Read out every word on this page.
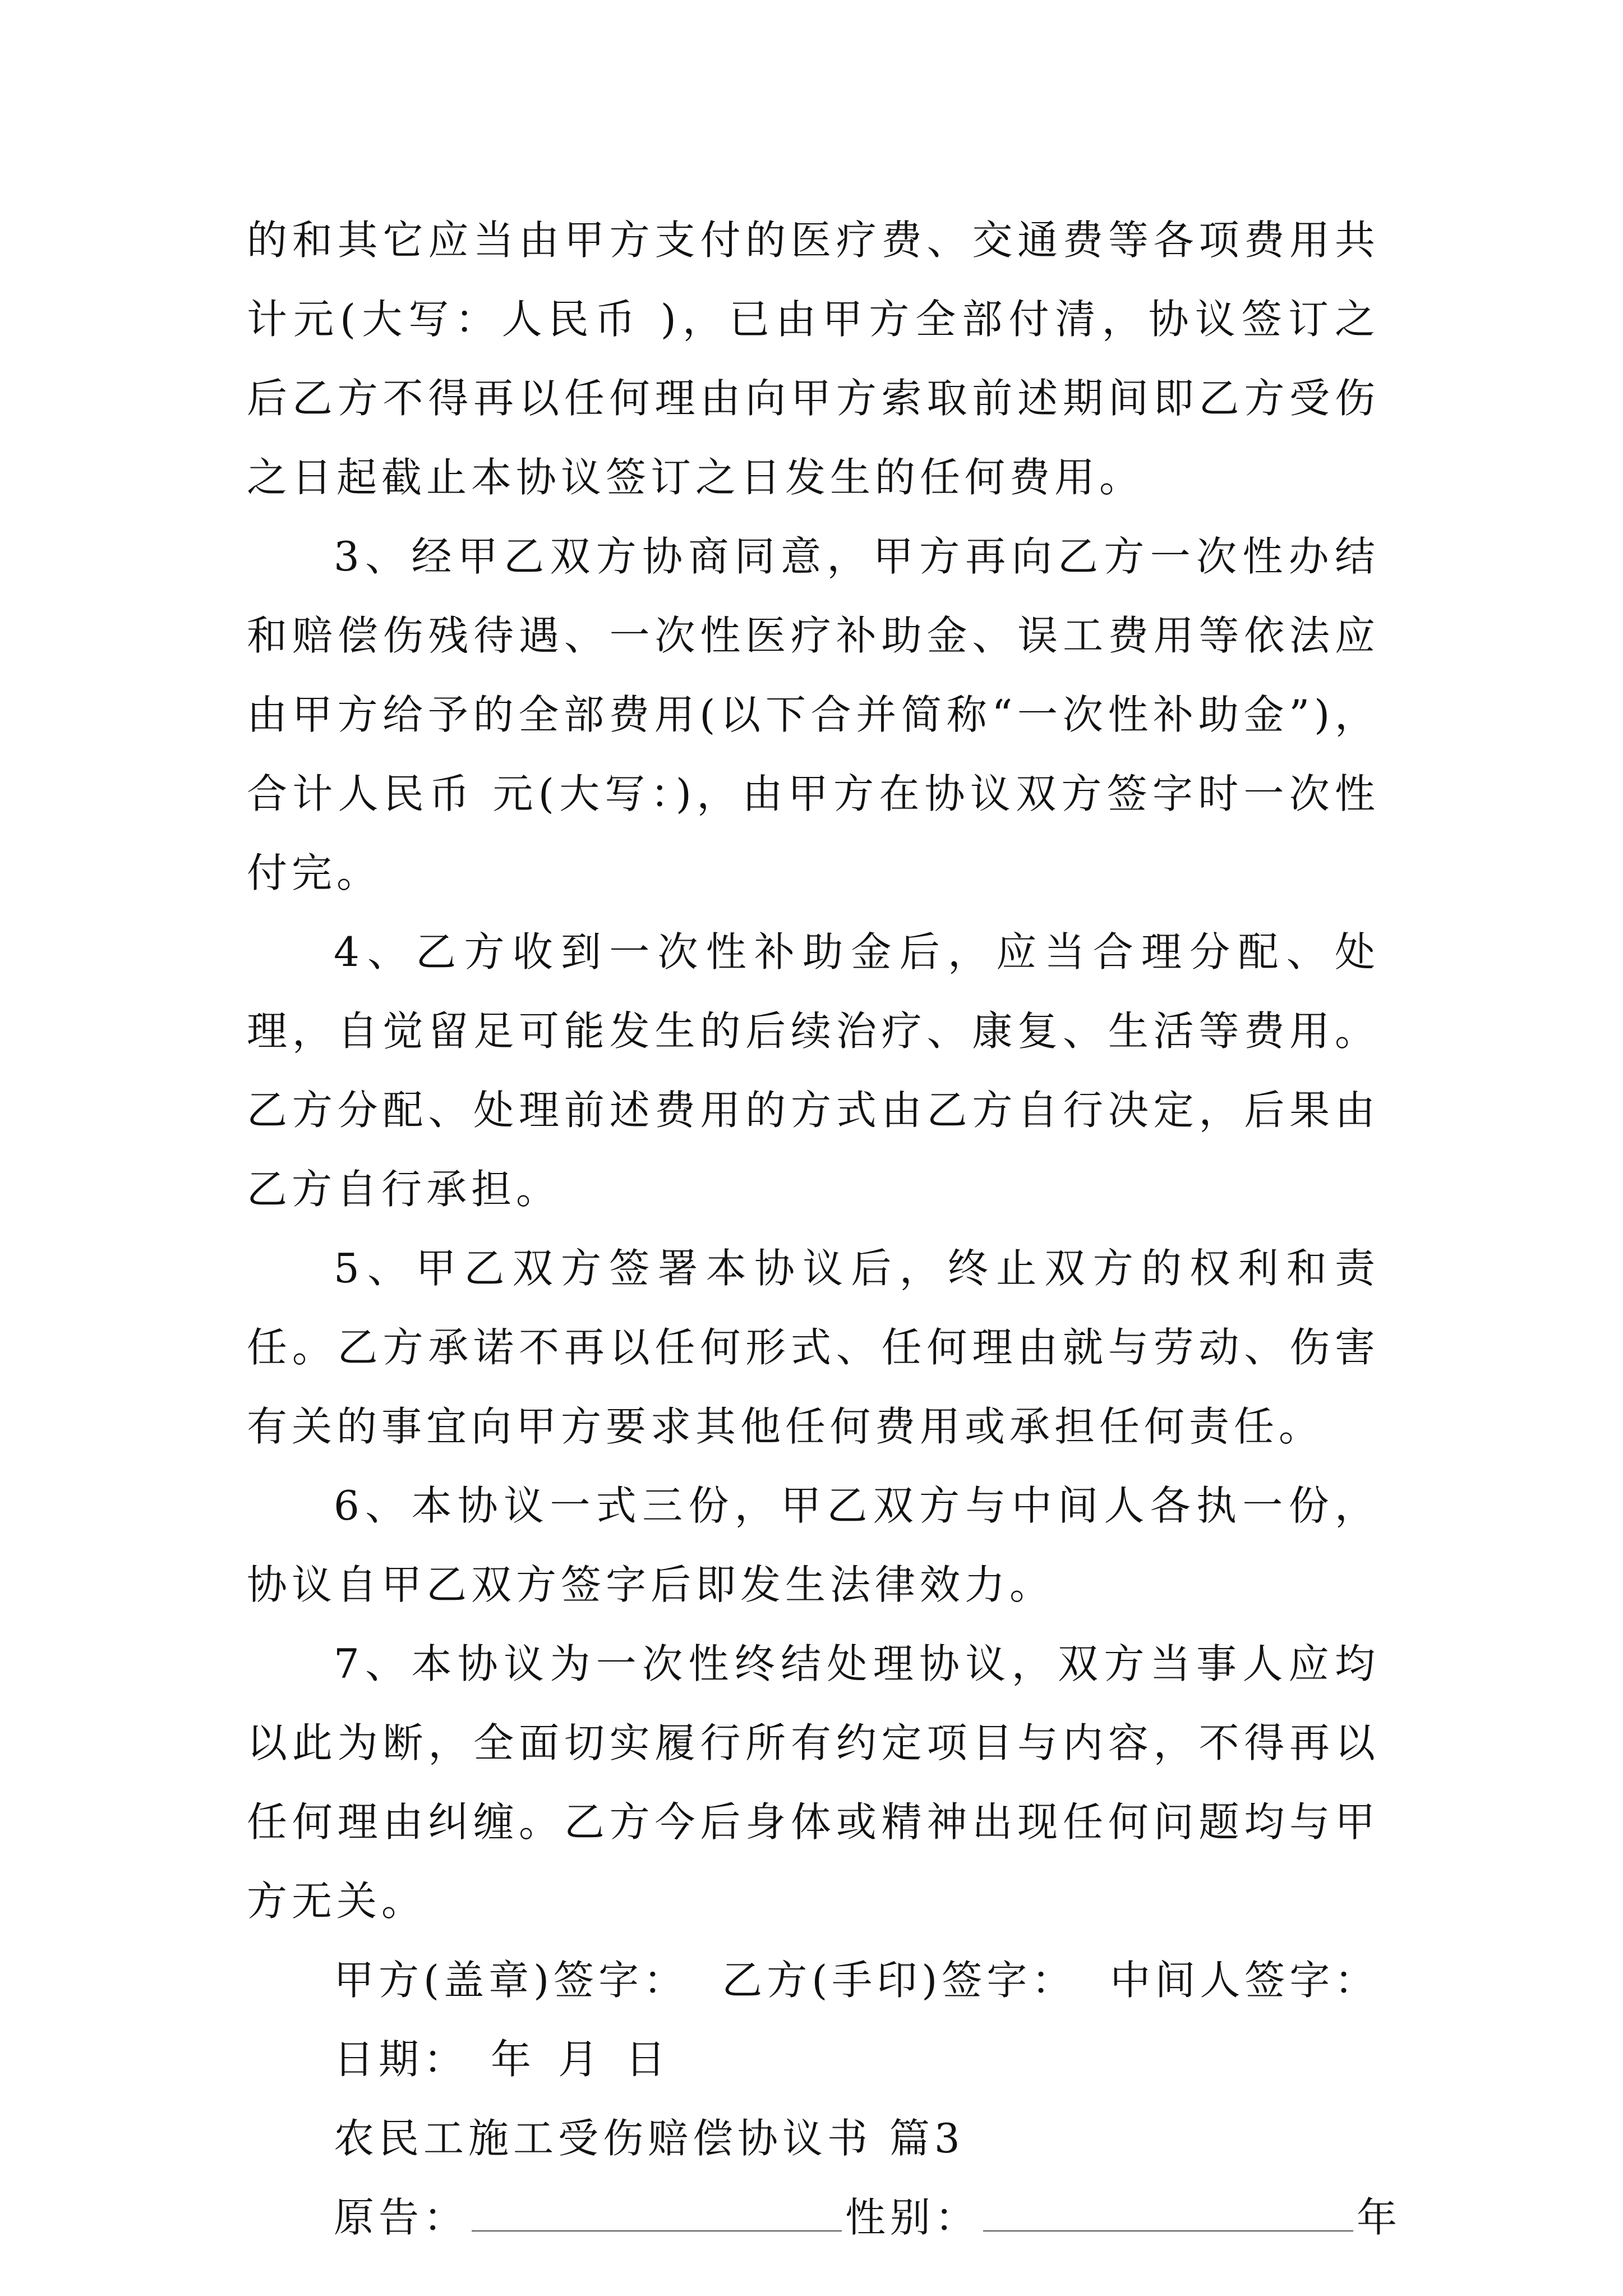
的和其它应当由甲方支付的医疗费、交通费等各项费用共计元(大写：人民币 )，已由甲方全部付清，协议签订之后乙方不得再以任何理由向甲方索取前述期间即乙方受伤之日起截止本协议签订之日发生的任何费用。

3、经甲乙双方协商同意，甲方再向乙方一次性办结和赔偿伤残待遇、一次性医疗补助金、误工费用等依法应由甲方给予的全部费用(以下合并简称“一次性补助金”)，合计人民币 元(大写：)，由甲方在协议双方签字时一次性付完。

4、乙方收到一次性补助金后，应当合理分配、处理，自觉留足可能发生的后续治疗、康复、生活等费用。乙方分配、处理前述费用的方式由乙方自行决定，后果由乙方自行承担。

5、甲乙双方签署本协议后，终止双方的权利和责任。乙方承诺不再以任何形式、任何理由就与劳动、伤害有关的事宜向甲方要求其他任何费用或承担任何责任。

6、本协议一式三份，甲乙双方与中间人各执一份，协议自甲乙双方签字后即发生法律效力。

7、本协议为一次性终结处理协议，双方当事人应均以此为断，全面切实履行所有约定项目与内容，不得再以任何理由纠缠。乙方今后身体或精神出现任何问题均与甲方无关。

甲方(盖章)签字： 乙方(手印)签字： 中间人签字：

日期： 年 月 日

农民工施工受伤赔偿协议书 篇3

原告：	性别：	年
